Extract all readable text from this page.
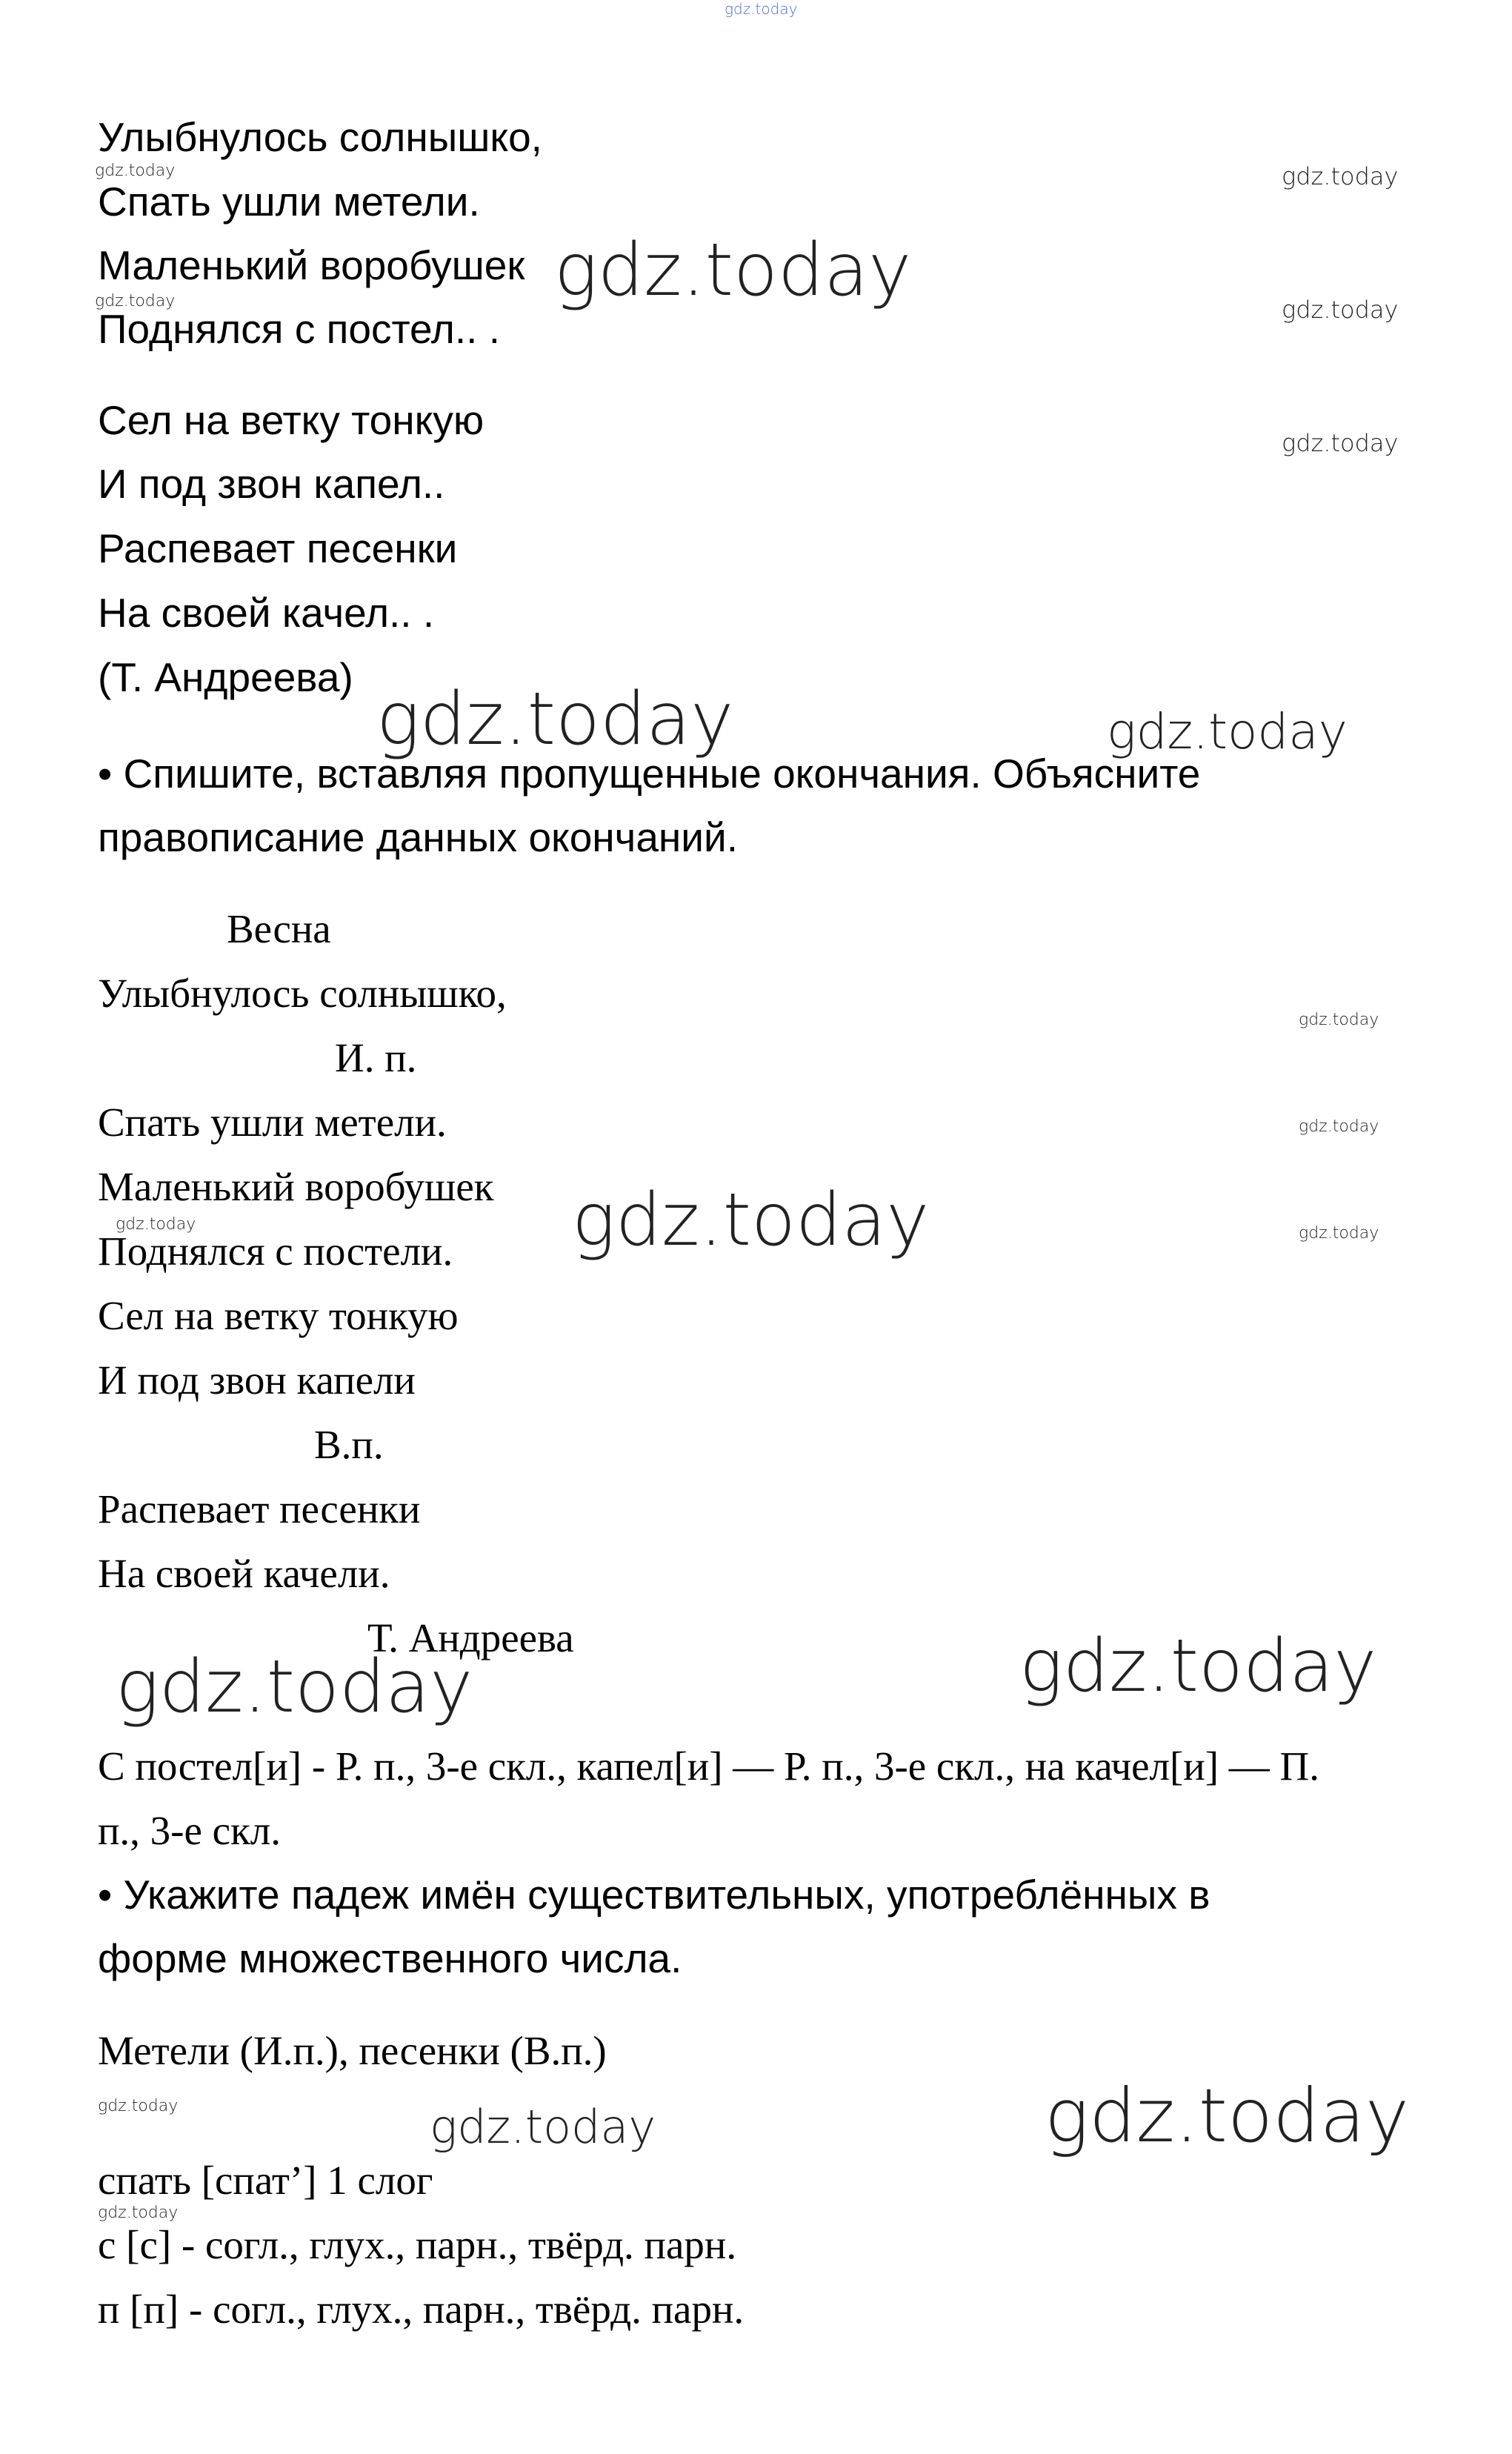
Улыбнулось солнышко,
Спать ушли метели.
Маленький воробушек
Поднялся с постел.. .
Сел на ветку тонкую
И под звон капел..
Распевает песенки
На своей качел.. .
(Т. Андреева)
• Спишите, вставляя пропущенные окончания. Объясните
правописание данных окончаний.
Весна
Улыбнулось солнышко,
И. п.
Спать ушли метели.
Маленький воробушек
Поднялся с постели.
Сел на ветку тонкую
И под звон капели
В.п.
Распевает песенки
На своей качели.
Т. Андреева
С постел[и] - Р. п., 3-е скл., капел[и] — Р. п., 3-е скл., на качел[и] — П.
п., 3-е скл.
• Укажите падеж имён существительных, употреблённых в
форме множественного числа.
Метели (И.п.), песенки (В.п.)
спать [спат’] 1 слог
с [с] - согл., глух., парн., твёрд. парн.
п [п] - согл., глух., парн., твёрд. парн.
gdz.today
gdz.today	gdz.today
gdz.today
gdz.today	gdz.today
gdz.today
gdz.today	gdz.today
gdz.today
gdz.today
gdz.today
gdz.today	gdz.today
gdz.today	gdz.today
gdz.today	gdz.today	gdz.today
gdz.today
